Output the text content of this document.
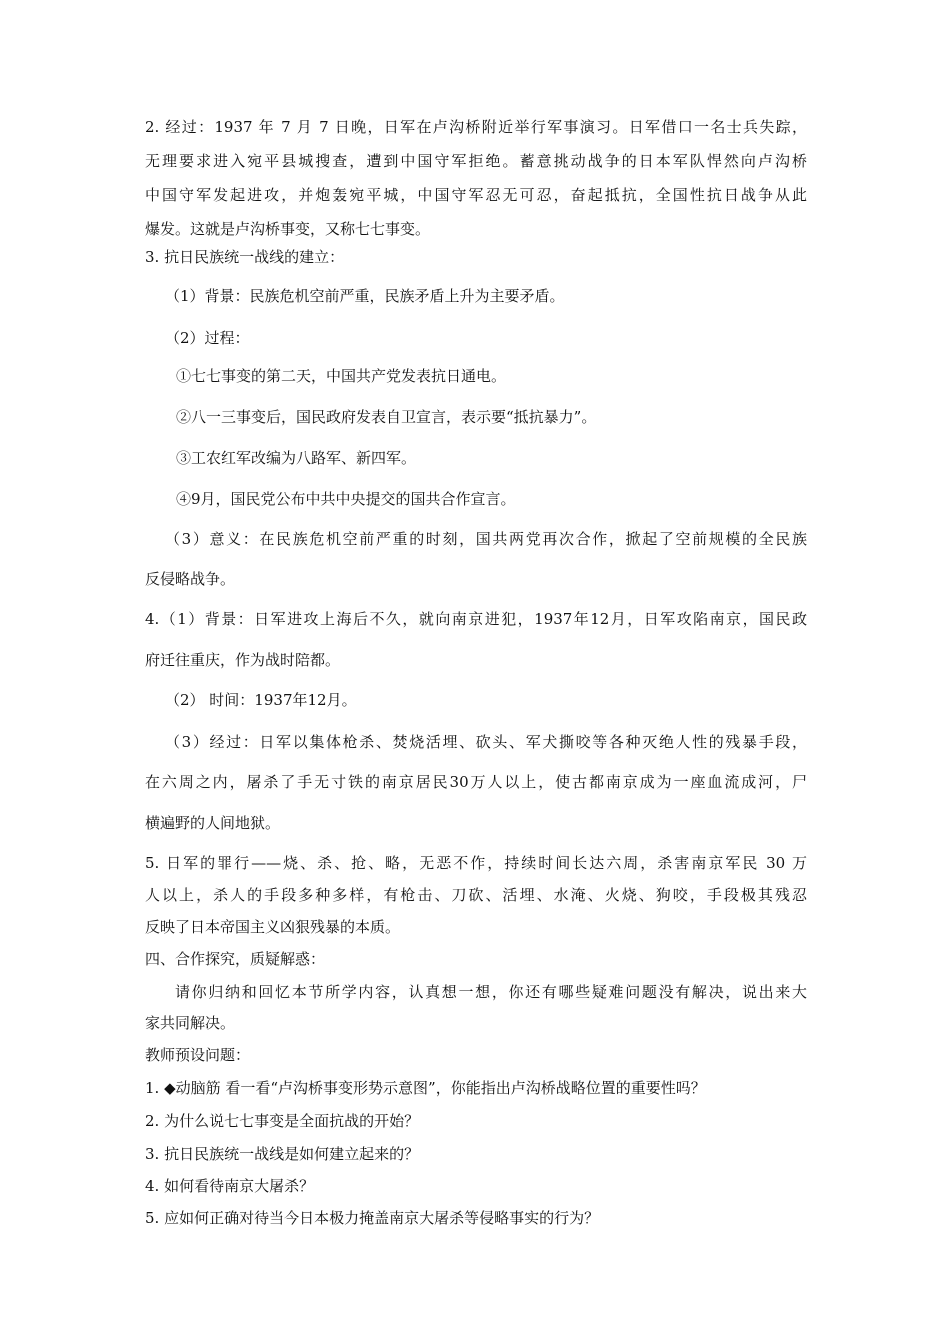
2. 经过：1937 年 7 月 7 日晚，日军在卢沟桥附近举行军事演习。日军借口一名士兵失踪，
无理要求进入宛平县城搜查，遭到中国守军拒绝。蓄意挑动战争的日本军队悍然向卢沟桥
中国守军发起进攻，并炮轰宛平城，中国守军忍无可忍，奋起抵抗，全国性抗日战争从此
爆发。这就是卢沟桥事变，又称七七事变。
3. 抗日民族统一战线的建立：
（1）背景：民族危机空前严重，民族矛盾上升为主要矛盾。
（2）过程：
①七七事变的第二天，中国共产党发表抗日通电。
②八一三事变后，国民政府发表自卫宣言，表示要“抵抗暴力”。
③工农红军改编为八路军、新四军。
④9月，国民党公布中共中央提交的国共合作宣言。
（3）意义：在民族危机空前严重的时刻，国共两党再次合作，掀起了空前规模的全民族
反侵略战争。
4.（1）背景：日军进攻上海后不久，就向南京进犯，1937年12月，日军攻陷南京，国民政
府迁往重庆，作为战时陪都。
（2） 时间：1937年12月。
（3）经过：日军以集体枪杀、焚烧活埋、砍头、军犬撕咬等各种灭绝人性的残暴手段，
在六周之内，屠杀了手无寸铁的南京居民30万人以上，使古都南京成为一座血流成河，尸
横遍野的人间地狱。
5. 日军的罪行——烧、杀、抢、略，无恶不作，持续时间长达六周，杀害南京军民 30 万
人以上，杀人的手段多种多样，有枪击、刀砍、活埋、水淹、火烧、狗咬，手段极其残忍
反映了日本帝国主义凶狠残暴的本质。
四、合作探究，质疑解惑：
请你归纳和回忆本节所学内容，认真想一想，你还有哪些疑难问题没有解决，说出来大
家共同解决。
教师预设问题：
1. ◆动脑筋 看一看“卢沟桥事变形势示意图”，你能指出卢沟桥战略位置的重要性吗？
2. 为什么说七七事变是全面抗战的开始？
3. 抗日民族统一战线是如何建立起来的？
4. 如何看待南京大屠杀？
5. 应如何正确对待当今日本极力掩盖南京大屠杀等侵略事实的行为？
